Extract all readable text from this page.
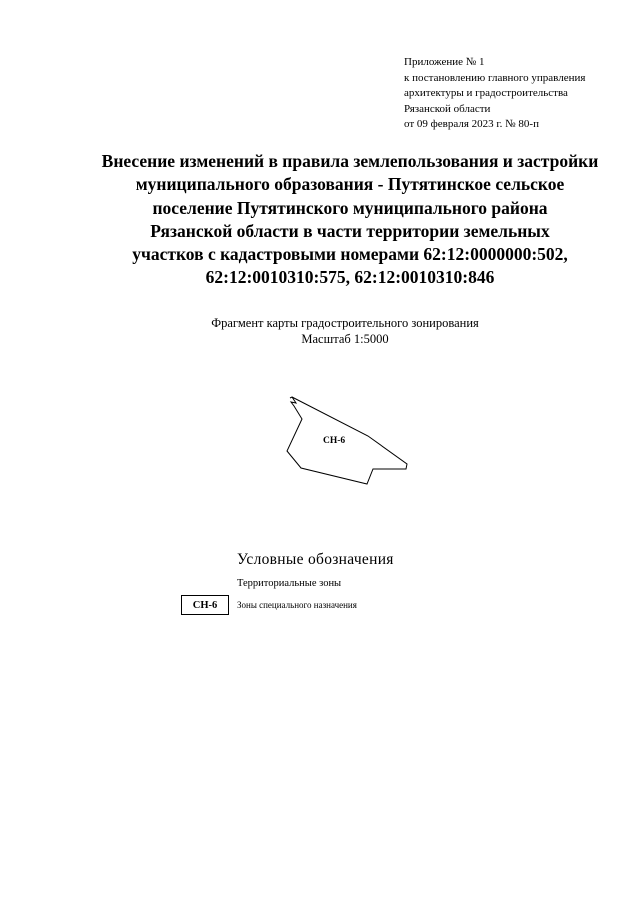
Приложение № 1
к постановлению главного управления
архитектуры и градостроительства
Рязанской области
от 09 февраля 2023 г. № 80-п
Внесение изменений в правила землепользования и застройки
муниципального образования - Путятинское сельское
поселение Путятинского муниципального района
Рязанской области в части территории земельных
участков с кадастровыми номерами 62:12:0000000:502,
62:12:0010310:575, 62:12:0010310:846
Фрагмент карты градостроительного зонирования
Масштаб 1:5000
СН-6
Условные обозначения
Территориальные зоны
СН-6	Зоны специального назначения
